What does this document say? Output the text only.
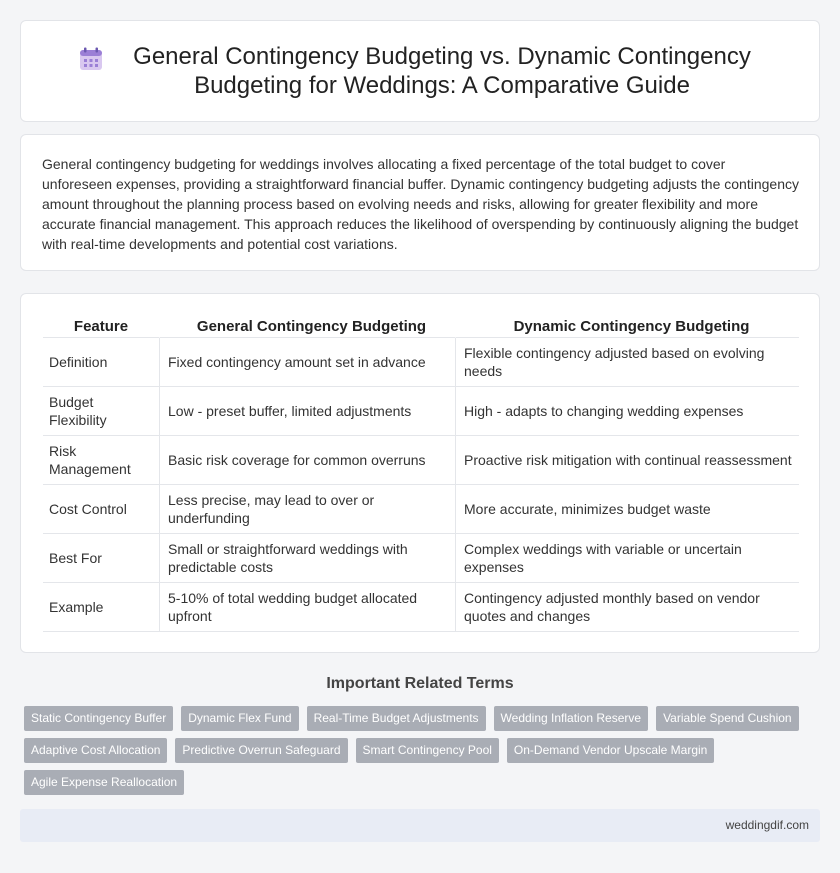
General Contingency Budgeting vs. Dynamic Contingency Budgeting for Weddings: A Comparative Guide

General contingency budgeting for weddings involves allocating a fixed percentage of the total budget to cover unforeseen expenses, providing a straightforward financial buffer. Dynamic contingency budgeting adjusts the contingency amount throughout the planning process based on evolving needs and risks, allowing for greater flexibility and more accurate financial management. This approach reduces the likelihood of overspending by continuously aligning the budget with real-time developments and potential cost variations.

Feature	General Contingency Budgeting	Dynamic Contingency Budgeting
Definition	Fixed contingency amount set in advance	Flexible contingency adjusted based on evolving needs
Budget Flexibility	Low - preset buffer, limited adjustments	High - adapts to changing wedding expenses
Risk Management	Basic risk coverage for common overruns	Proactive risk mitigation with continual reassessment
Cost Control	Less precise, may lead to over or underfunding	More accurate, minimizes budget waste
Best For	Small or straightforward weddings with predictable costs	Complex weddings with variable or uncertain expenses
Example	5-10% of total wedding budget allocated upfront	Contingency adjusted monthly based on vendor quotes and changes
Important Related Terms
Static Contingency Buffer	Dynamic Flex Fund	Real-Time Budget Adjustments	Wedding Inflation Reserve	Variable Spend Cushion
Adaptive Cost Allocation	Predictive Overrun Safeguard	Smart Contingency Pool	On-Demand Vendor Upscale Margin
Agile Expense Reallocation
weddingdif.com
